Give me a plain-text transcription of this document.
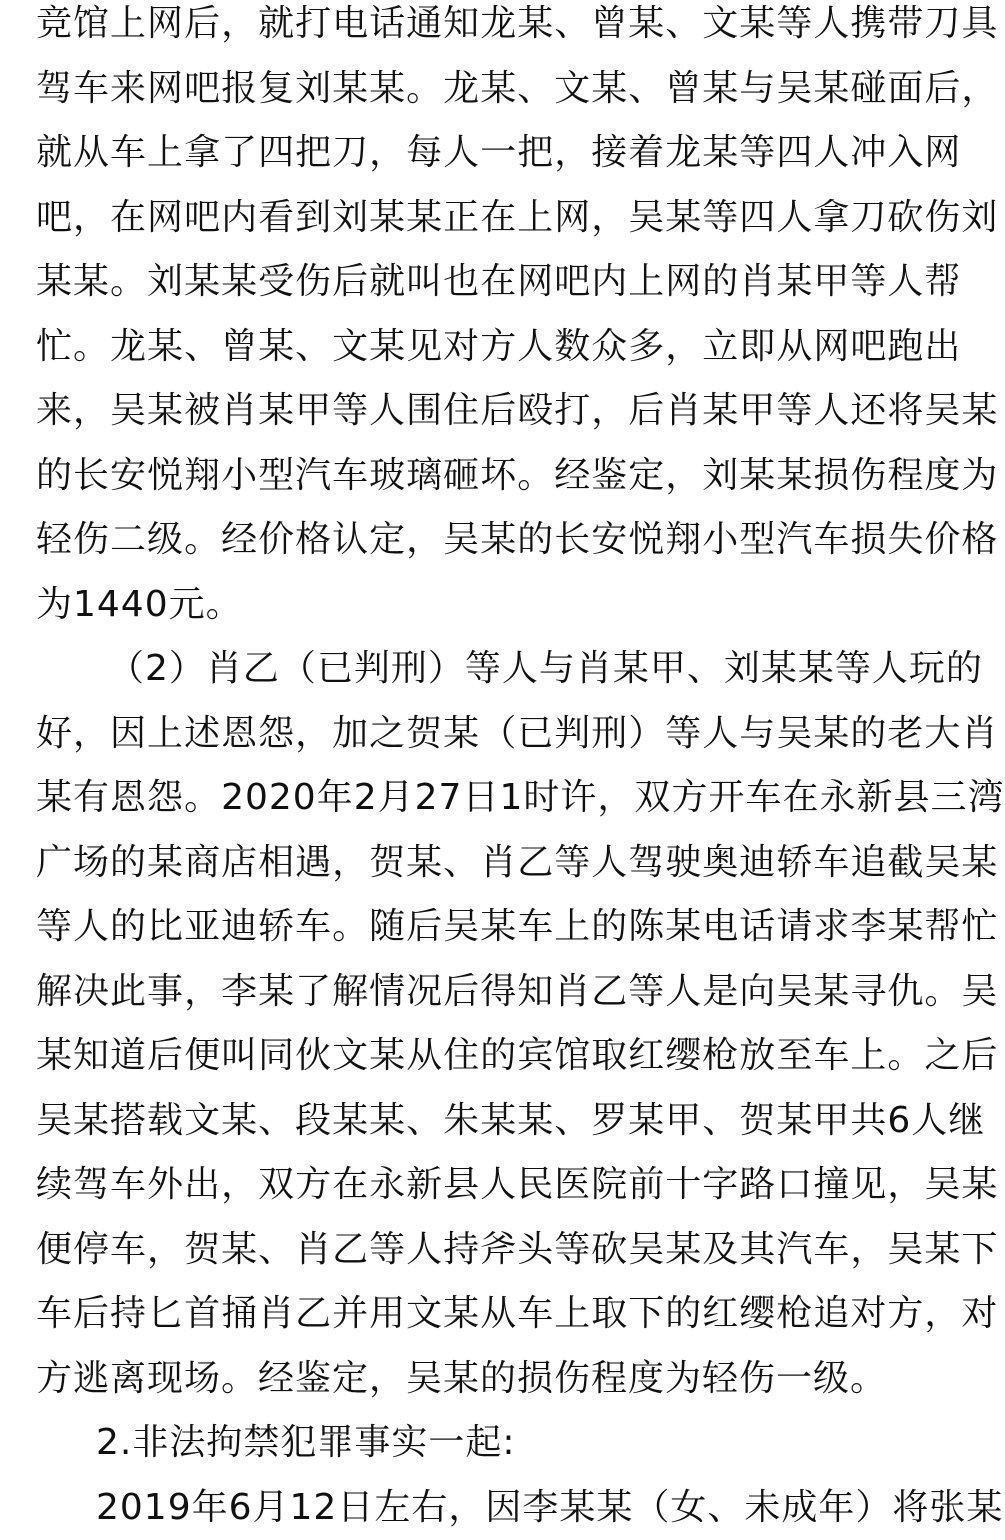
竞 馆 上 网 后 ， 就 打 电 话 通 知 龙 某 、 曾 某 、 文 某 等 人 携 带 刀 具
驾 车 来 网 吧 报 复 刘 某 某 。 龙 某 、 文 某 、 曾 某 与 吴 某 碰 面 后 ，
就 从 车 上 拿 了 四 把 刀 ， 每 人 一 把 ， 接 着 龙 某 等 四 人 冲 入 网
吧 ， 在 网 吧 内 看 到 刘 某 某 正 在 上 网 ， 吴 某 等 四 人 拿 刀 砍 伤 刘
某 某 。 刘 某 某 受 伤 后 就 叫 也 在 网 吧 内 上 网 的 肖 某 甲 等 人 帮
忙 。 龙 某 、 曾 某 、 文 某 见 对 方 人 数 众 多 ， 立 即 从 网 吧 跑 出
来 ， 吴 某 被 肖 某 甲 等 人 围 住 后 殴 打 ， 后 肖 某 甲 等 人 还 将 吴 某
的 长 安 悦 翔 小 型 汽 车 玻 璃 砸 坏 。 经 鉴 定 ， 刘 某 某 损 伤 程 度 为
轻 伤 二 级 。 经 价 格 认 定 ， 吴 某 的 长 安 悦 翔 小 型 汽 车 损 失 价 格
为1440元。
（2）肖乙（已判刑）等人与肖某甲、刘某某等人玩的
好 ， 因 上 述 恩 怨 ， 加 之 贺 某 （ 已 判 刑 ） 等 人 与 吴 某 的 老 大 肖
某 有 恩 怨 。 2020 年 2 月 27 日 1 时 许 ， 双 方 开 车 在 永 新 县 三 湾
广 场 的 某 商 店 相 遇 ， 贺 某 、 肖 乙 等 人 驾 驶 奥 迪 轿 车 追 截 吴 某
等 人 的 比 亚 迪 轿 车 。 随 后 吴 某 车 上 的 陈 某 电 话 请 求 李 某 帮 忙
解 决 此 事 ， 李 某 了 解 情 况 后 得 知 肖 乙 等 人 是 向 吴 某 寻 仇 。 吴
某 知 道 后 便 叫 同 伙 文 某 从 住 的 宾 馆 取 红 缨 枪 放 至 车 上 。 之 后
吴 某 搭 载 文 某 、 段 某 某 、 朱 某 某 、 罗 某 甲 、 贺 某 甲 共 6 人 继
续 驾 车 外 出 ， 双 方 在 永 新 县 人 民 医 院 前 十 字 路 口 撞 见 ， 吴 某
便 停 车 ， 贺 某 、 肖 乙 等 人 持 斧 头 等 砍 吴 某 及 其 汽 车 ， 吴 某 下
车 后 持 匕 首 捅 肖 乙 并 用 文 某 从 车 上 取 下 的 红 缨 枪 追 对 方 ， 对
方逃离现场。经鉴定，吴某的损伤程度为轻伤一级。
2.非法拘禁犯罪事实一起:
2019年6月12日左右，因李某某（女、未成年）将张某
